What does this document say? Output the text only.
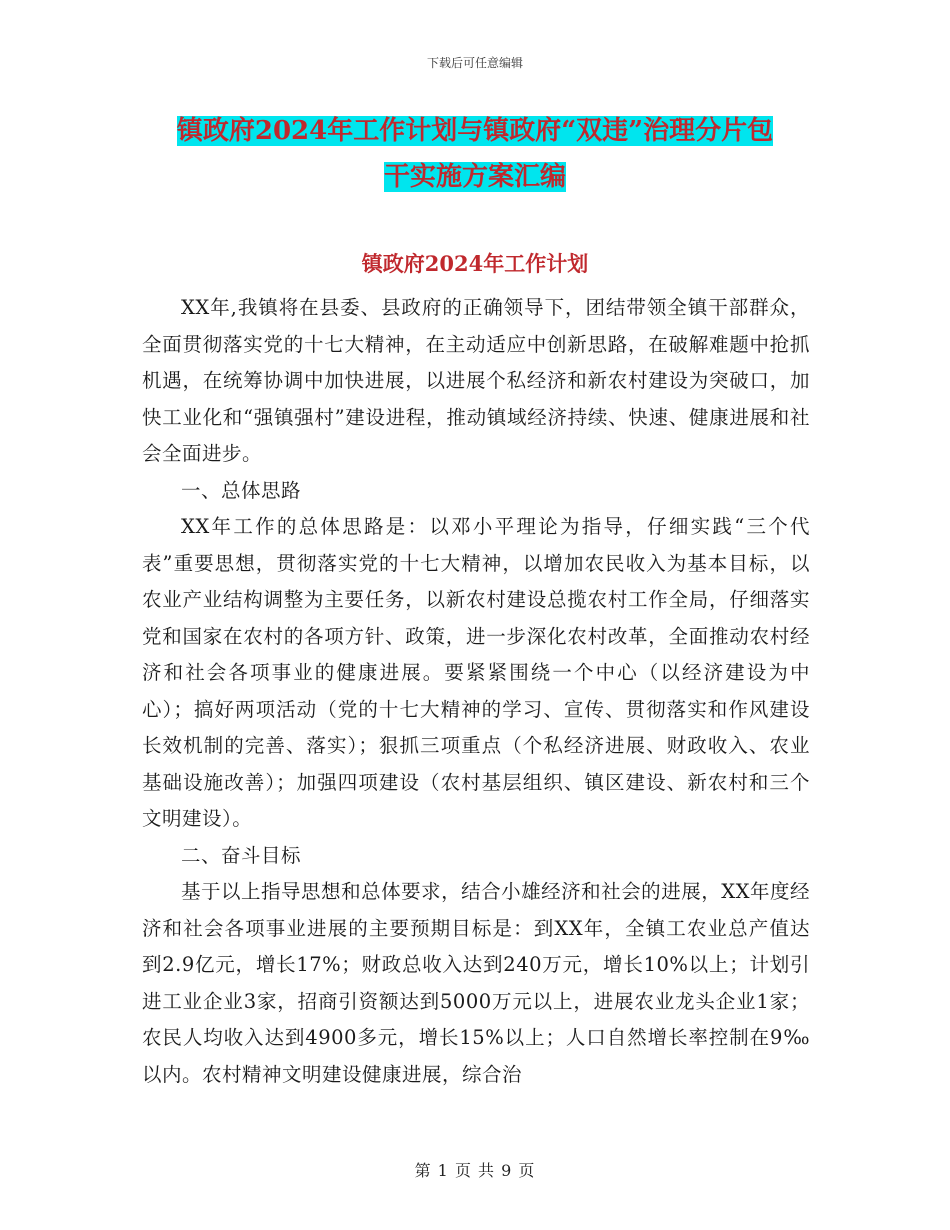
下载后可任意编辑
镇政府2024年工作计划与镇政府“双违”治理分片包
干实施方案汇编
镇政府2024年工作计划

XX年,我镇将在县委、县政府的正确领导下，团结带领全镇干部群众，全面贯彻落实党的十七大精神，在主动适应中创新思路，在破解难题中抢抓机遇，在统筹协调中加快进展，以进展个私经济和新农村建设为突破口，加快工业化和“强镇强村”建设进程，推动镇域经济持续、快速、健康进展和社会全面进步。

一、总体思路

XX年工作的总体思路是：以邓小平理论为指导，仔细实践“三个代表”重要思想，贯彻落实党的十七大精神，以增加农民收入为基本目标，以农业产业结构调整为主要任务，以新农村建设总揽农村工作全局，仔细落实党和国家在农村的各项方针、政策，进一步深化农村改革，全面推动农村经济和社会各项事业的健康进展。要紧紧围绕一个中心（以经济建设为中心）；搞好两项活动（党的十七大精神的学习、宣传、贯彻落实和作风建设长效机制的完善、落实）；狠抓三项重点（个私经济进展、财政收入、农业基础设施改善）；加强四项建设（农村基层组织、镇区建设、新农村和三个文明建设）。

二、奋斗目标

基于以上指导思想和总体要求，结合小雄经济和社会的进展，XX年度经济和社会各项事业进展的主要预期目标是：到XX年，全镇工农业总产值达到2.9亿元，增长17%；财政总收入达到240万元，增长10%以上；计划引进工业企业3家，招商引资额达到5000万元以上，进展农业龙头企业1家；农民人均收入达到4900多元，增长15%以上；人口自然增长率控制在9‰以内。农村精神文明建设健康进展，综合治

第 1 页 共 9 页
